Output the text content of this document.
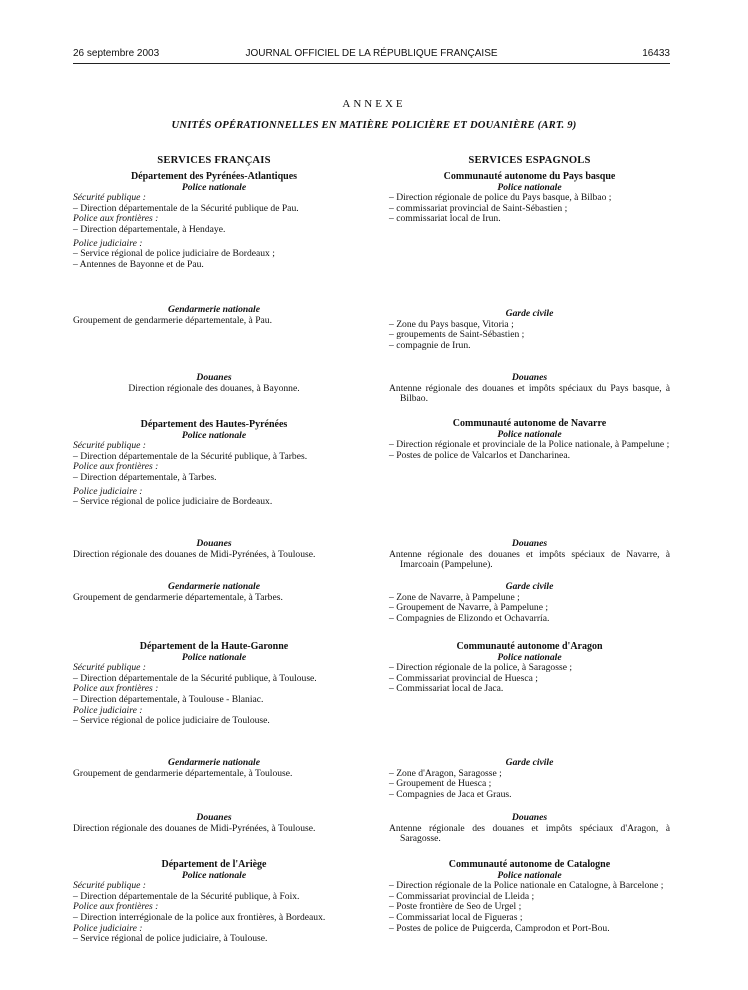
26 septembre 2003	JOURNAL OFFICIEL DE LA RÉPUBLIQUE FRANÇAISE	16433
ANNEXE
UNITÉS OPÉRATIONNELLES EN MATIÈRE POLICIÈRE ET DOUANIÈRE (ART. 9)
SERVICES FRANÇAIS
Département des Pyrénées-Atlantiques
Police nationale
Sécurité publique :
– Direction départementale de la Sécurité publique de Pau.
Police aux frontières :
– Direction départementale, à Hendaye.
Police judiciaire :
– Service régional de police judiciaire de Bordeaux ;
– Antennes de Bayonne et de Pau.
Gendarmerie nationale
Groupement de gendarmerie départementale, à Pau.
Douanes
Direction régionale des douanes, à Bayonne.
Département des Hautes-Pyrénées
Police nationale
Sécurité publique :
– Direction départementale de la Sécurité publique, à Tarbes.
Police aux frontières :
– Direction départementale, à Tarbes.
Police judiciaire :
– Service régional de police judiciaire de Bordeaux.
Douanes
Direction régionale des douanes de Midi-Pyrénées, à Toulouse.
Gendarmerie nationale
Groupement de gendarmerie départementale, à Tarbes.
Département de la Haute-Garonne
Police nationale
Sécurité publique :
– Direction départementale de la Sécurité publique, à Toulouse.
Police aux frontières :
– Direction départementale, à Toulouse - Blaniac.
Police judiciaire :
– Service régional de police judiciaire de Toulouse.
Gendarmerie nationale
Groupement de gendarmerie départementale, à Toulouse.
Douanes
Direction régionale des douanes de Midi-Pyrénées, à Toulouse.
Département de l'Ariège
Police nationale
Sécurité publique :
– Direction départementale de la Sécurité publique, à Foix.
Police aux frontières :
– Direction interrégionale de la police aux frontières, à Bordeaux.
Police judiciaire :
– Service régional de police judiciaire, à Toulouse.
SERVICES ESPAGNOLS
Communauté autonome du Pays basque
Police nationale
– Direction régionale de police du Pays basque, à Bilbao ;
– commissariat provincial de Saint-Sébastien ;
– commissariat local de Irun.
Garde civile
– Zone du Pays basque, Vitoria ;
– groupements de Saint-Sébastien ;
– compagnie de Irun.
Douanes
Antenne régionale des douanes et impôts spéciaux du Pays basque, à Bilbao.
Communauté autonome de Navarre
Police nationale
– Direction régionale et provinciale de la Police nationale, à Pampelune ;
– Postes de police de Valcarlos et Dancharinea.
Douanes
Antenne régionale des douanes et impôts spéciaux de Navarre, à Imarcoain (Pampelune).
Garde civile
– Zone de Navarre, à Pampelune ;
– Groupement de Navarre, à Pampelune ;
– Compagnies de Elizondo et Ochavarría.
Communauté autonome d'Aragon
Police nationale
– Direction régionale de la police, à Saragosse ;
– Commissariat provincial de Huesca ;
– Commissariat local de Jaca.
Garde civile
– Zone d'Aragon, Saragosse ;
– Groupement de Huesca ;
– Compagnies de Jaca et Graus.
Douanes
Antenne régionale des douanes et impôts spéciaux d'Aragon, à Saragosse.
Communauté autonome de Catalogne
Police nationale
– Direction régionale de la Police nationale en Catalogne, à Barcelone ;
– Commissariat provincial de Lleida ;
– Poste frontière de Seo de Urgel ;
– Commissariat local de Figueras ;
– Postes de police de Puigcerda, Camprodon et Port-Bou.
